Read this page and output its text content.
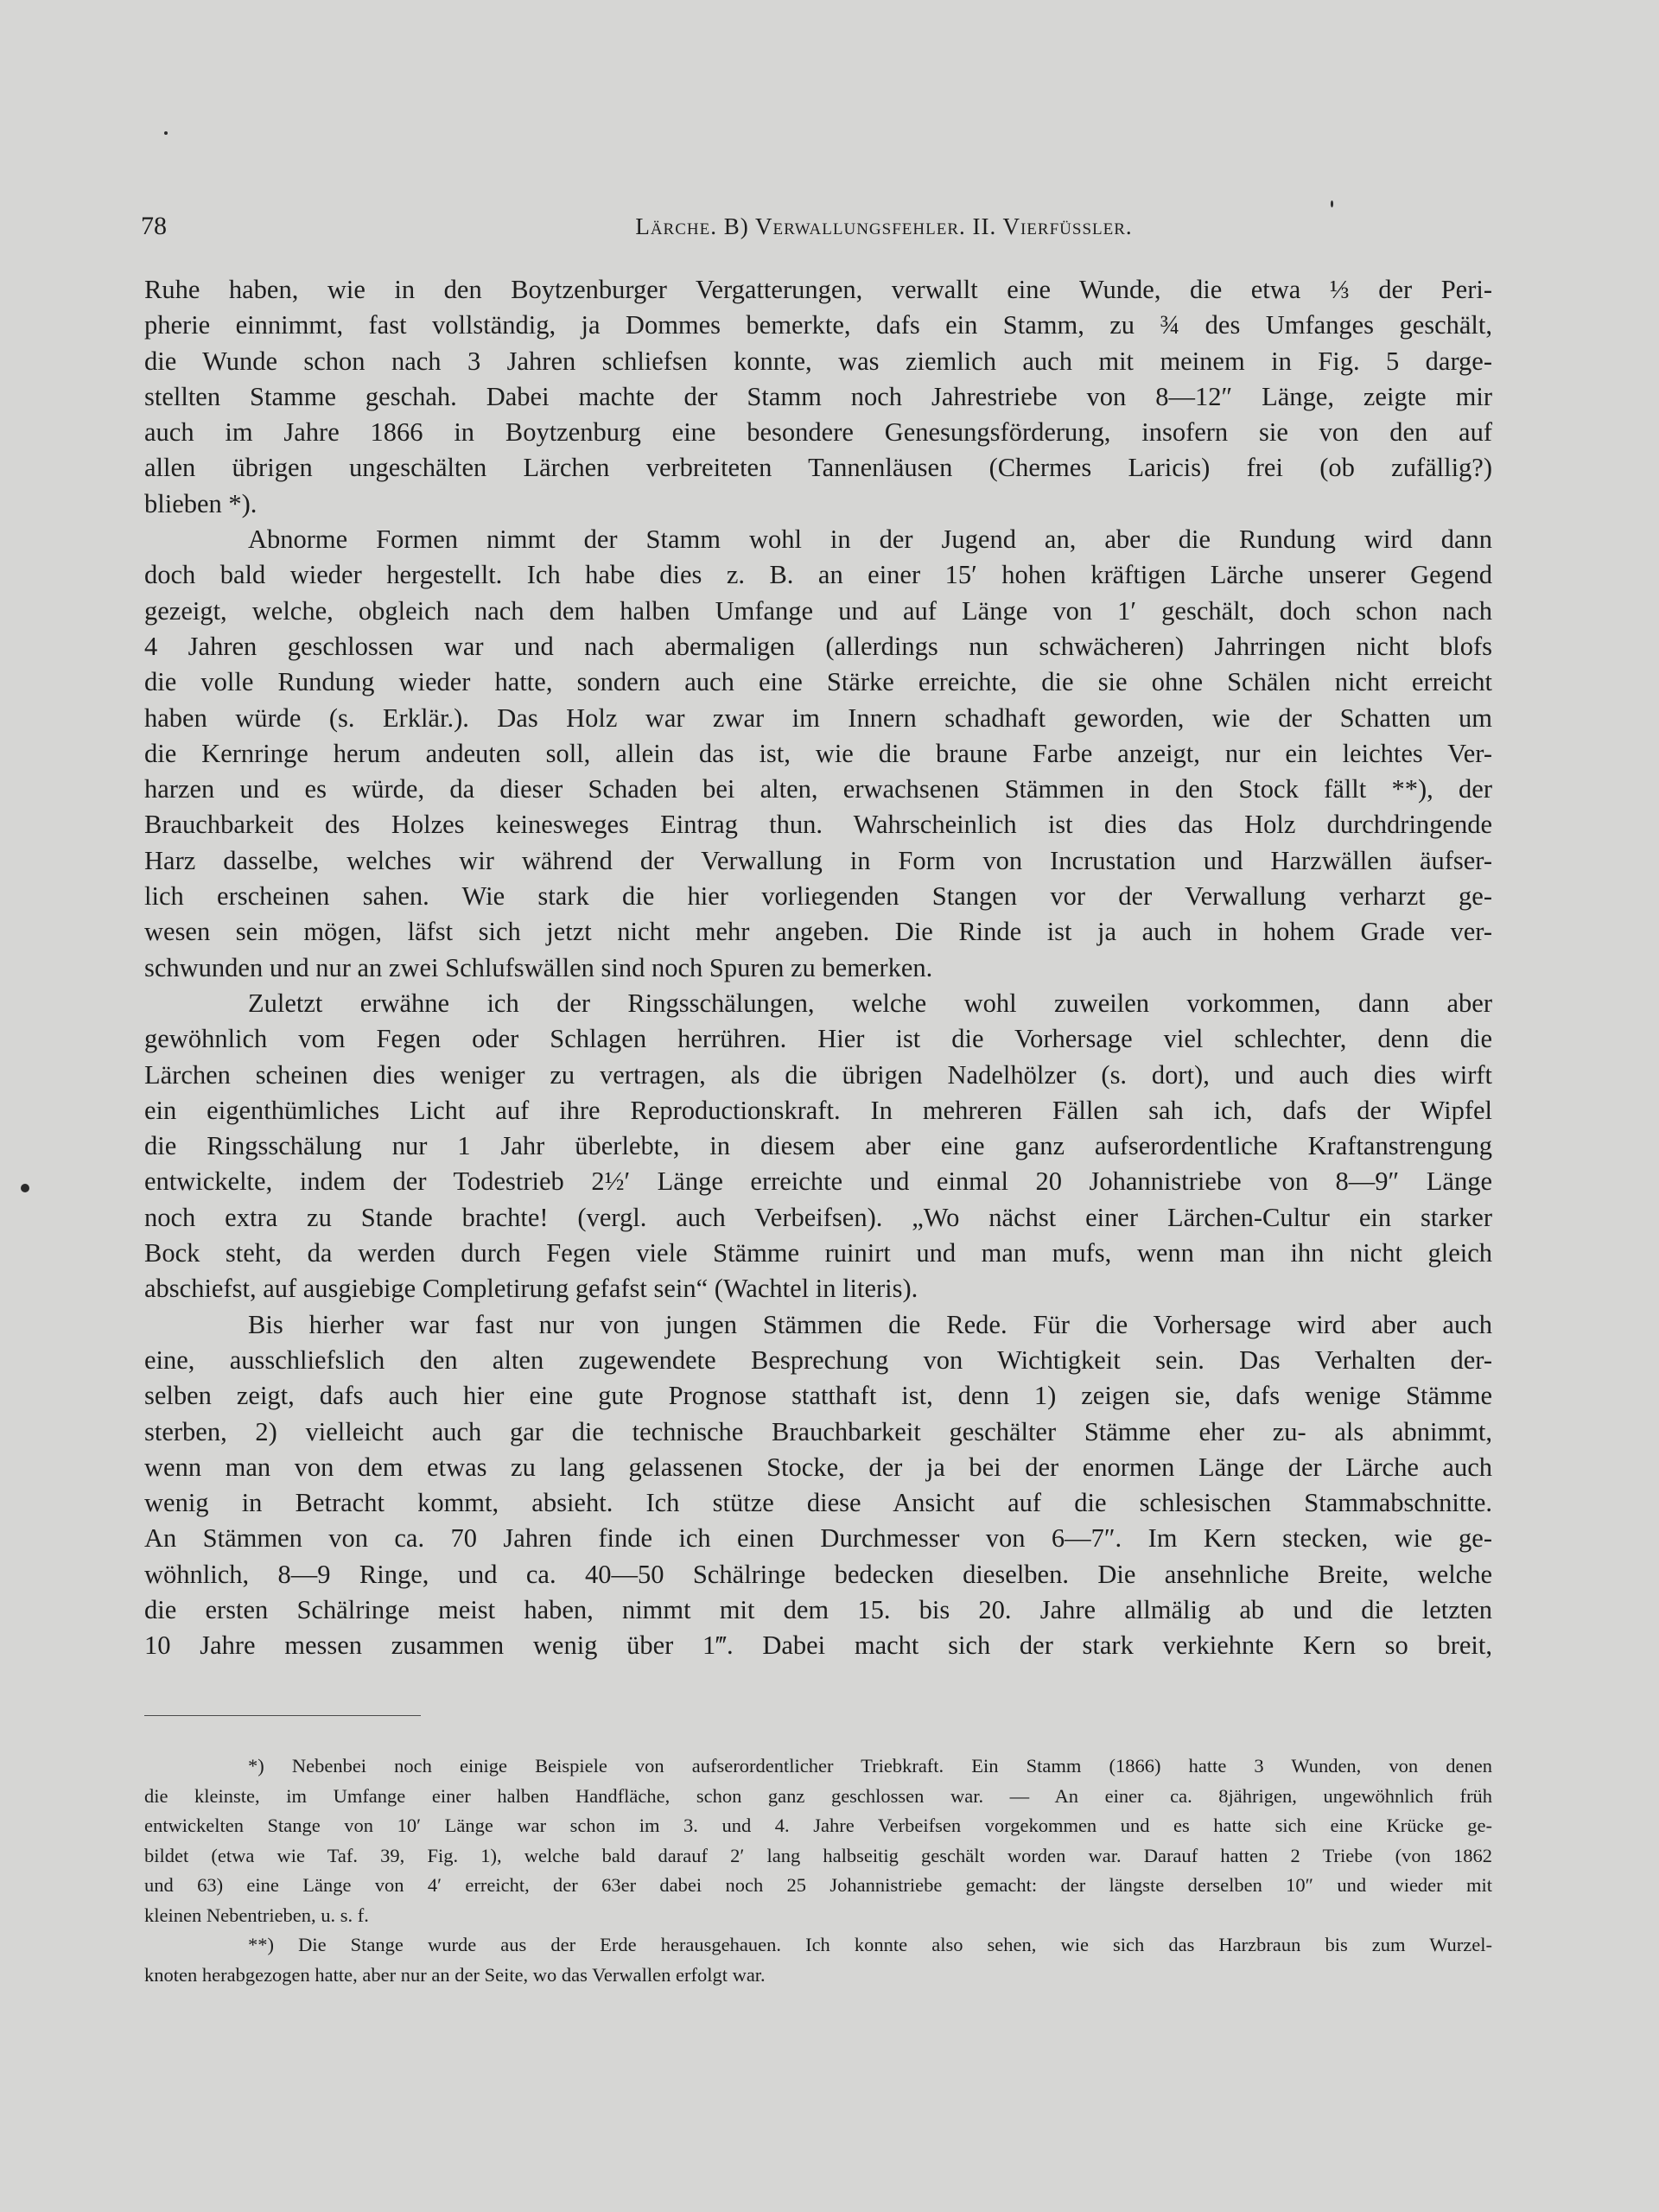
78	Lärche. B) Verwallungsfehler. II. Vierfüssler.
Ruhe haben, wie in den Boytzenburger Vergatterungen, verwallt eine Wunde, die etwa ⅓ der Peri-
pherie einnimmt, fast vollständig, ja Dommes bemerkte, dafs ein Stamm, zu ¾ des Umfanges geschält,
die Wunde schon nach 3 Jahren schliefsen konnte, was ziemlich auch mit meinem in Fig. 5 darge-
stellten Stamme geschah. Dabei machte der Stamm noch Jahrestriebe von 8—12″ Länge, zeigte mir
auch im Jahre 1866 in Boytzenburg eine besondere Genesungsförderung, insofern sie von den auf
allen übrigen ungeschälten Lärchen verbreiteten Tannenläusen (Chermes Laricis) frei (ob zufällig?)
blieben *).
Abnorme Formen nimmt der Stamm wohl in der Jugend an, aber die Rundung wird dann
doch bald wieder hergestellt. Ich habe dies z. B. an einer 15′ hohen kräftigen Lärche unserer Gegend
gezeigt, welche, obgleich nach dem halben Umfange und auf Länge von 1′ geschält, doch schon nach
4 Jahren geschlossen war und nach abermaligen (allerdings nun schwächeren) Jahrringen nicht blofs
die volle Rundung wieder hatte, sondern auch eine Stärke erreichte, die sie ohne Schälen nicht erreicht
haben würde (s. Erklär.). Das Holz war zwar im Innern schadhaft geworden, wie der Schatten um
die Kernringe herum andeuten soll, allein das ist, wie die braune Farbe anzeigt, nur ein leichtes Ver-
harzen und es würde, da dieser Schaden bei alten, erwachsenen Stämmen in den Stock fällt **), der
Brauchbarkeit des Holzes keinesweges Eintrag thun. Wahrscheinlich ist dies das Holz durchdringende
Harz dasselbe, welches wir während der Verwallung in Form von Incrustation und Harzwällen äufser-
lich erscheinen sahen. Wie stark die hier vorliegenden Stangen vor der Verwallung verharzt ge-
wesen sein mögen, läfst sich jetzt nicht mehr angeben. Die Rinde ist ja auch in hohem Grade ver-
schwunden und nur an zwei Schlufswällen sind noch Spuren zu bemerken.
Zuletzt erwähne ich der Ringsschälungen, welche wohl zuweilen vorkommen, dann aber
gewöhnlich vom Fegen oder Schlagen herrühren. Hier ist die Vorhersage viel schlechter, denn die
Lärchen scheinen dies weniger zu vertragen, als die übrigen Nadelhölzer (s. dort), und auch dies wirft
ein eigenthümliches Licht auf ihre Reproductionskraft. In mehreren Fällen sah ich, dafs der Wipfel
die Ringsschälung nur 1 Jahr überlebte, in diesem aber eine ganz aufserordentliche Kraftanstrengung
entwickelte, indem der Todestrieb 2½′ Länge erreichte und einmal 20 Johannistriebe von 8—9″ Länge
noch extra zu Stande brachte! (vergl. auch Verbeifsen). „Wo nächst einer Lärchen-Cultur ein starker
Bock steht, da werden durch Fegen viele Stämme ruinirt und man mufs, wenn man ihn nicht gleich
abschiefst, auf ausgiebige Completirung gefafst sein“ (Wachtel in literis).
Bis hierher war fast nur von jungen Stämmen die Rede. Für die Vorhersage wird aber auch
eine, ausschliefslich den alten zugewendete Besprechung von Wichtigkeit sein. Das Verhalten der-
selben zeigt, dafs auch hier eine gute Prognose statthaft ist, denn 1) zeigen sie, dafs wenige Stämme
sterben, 2) vielleicht auch gar die technische Brauchbarkeit geschälter Stämme eher zu- als abnimmt,
wenn man von dem etwas zu lang gelassenen Stocke, der ja bei der enormen Länge der Lärche auch
wenig in Betracht kommt, absieht. Ich stütze diese Ansicht auf die schlesischen Stammabschnitte.
An Stämmen von ca. 70 Jahren finde ich einen Durchmesser von 6—7″. Im Kern stecken, wie ge-
wöhnlich, 8—9 Ringe, und ca. 40—50 Schälringe bedecken dieselben. Die ansehnliche Breite, welche
die ersten Schälringe meist haben, nimmt mit dem 15. bis 20. Jahre allmälig ab und die letzten
10 Jahre messen zusammen wenig über 1‴. Dabei macht sich der stark verkiehnte Kern so breit,
*) Nebenbei noch einige Beispiele von aufserordentlicher Triebkraft. Ein Stamm (1866) hatte 3 Wunden, von denen
die kleinste, im Umfange einer halben Handfläche, schon ganz geschlossen war. — An einer ca. 8jährigen, ungewöhnlich früh
entwickelten Stange von 10′ Länge war schon im 3. und 4. Jahre Verbeifsen vorgekommen und es hatte sich eine Krücke ge-
bildet (etwa wie Taf. 39, Fig. 1), welche bald darauf 2′ lang halbseitig geschält worden war. Darauf hatten 2 Triebe (von 1862
und 63) eine Länge von 4′ erreicht, der 63er dabei noch 25 Johannistriebe gemacht: der längste derselben 10″ und wieder mit
kleinen Nebentrieben, u. s. f.
**) Die Stange wurde aus der Erde herausgehauen. Ich konnte also sehen, wie sich das Harzbraun bis zum Wurzel-
knoten herabgezogen hatte, aber nur an der Seite, wo das Verwallen erfolgt war.
